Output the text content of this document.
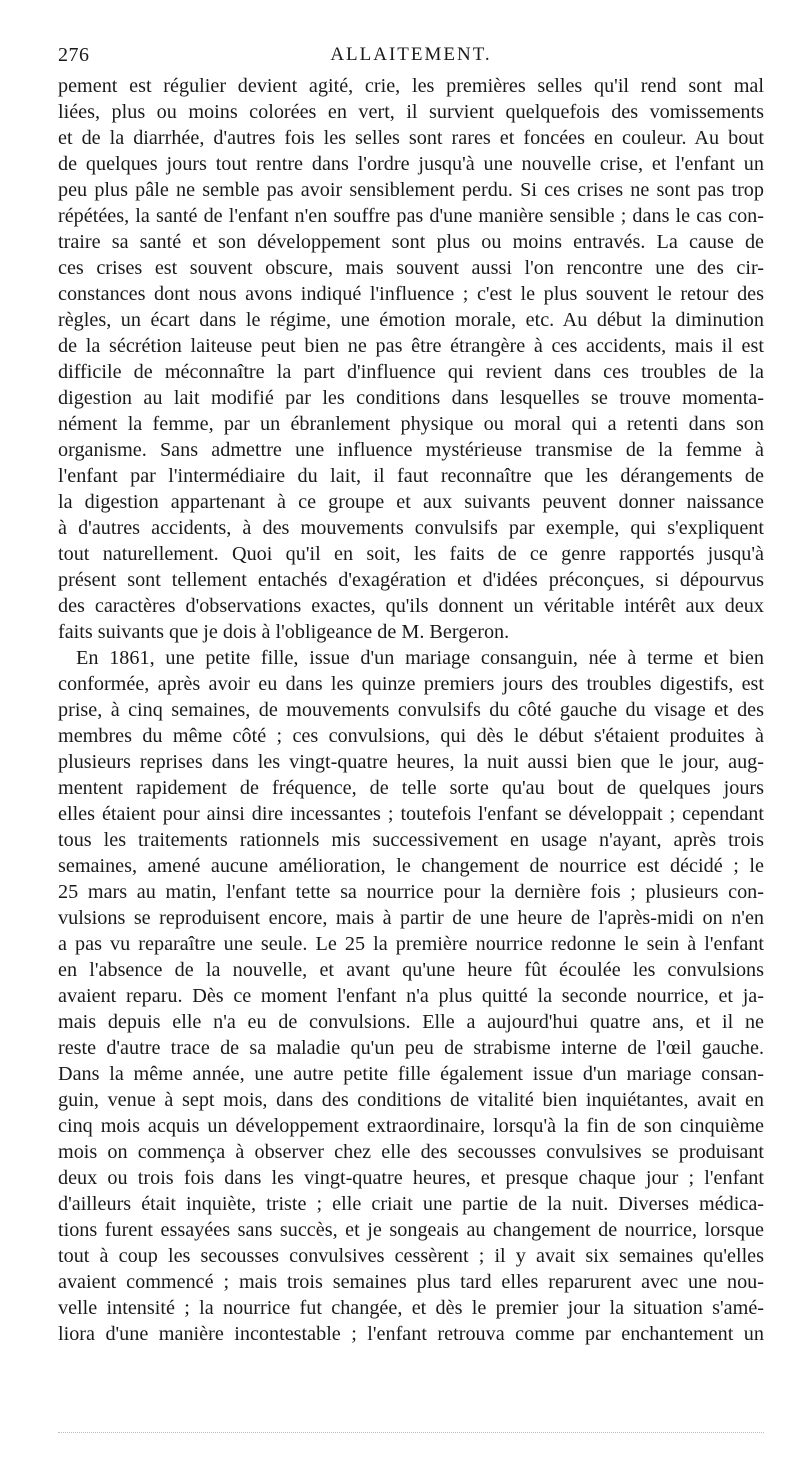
276	ALLAITEMENT.
pement est régulier devient agité, crie, les premières selles qu'il rend sont mal
liées, plus ou moins colorées en vert, il survient quelquefois des vomissements
et de la diarrhée, d'autres fois les selles sont rares et foncées en couleur. Au bout
de quelques jours tout rentre dans l'ordre jusqu'à une nouvelle crise, et l'enfant un
peu plus pâle ne semble pas avoir sensiblement perdu. Si ces crises ne sont pas trop
répétées, la santé de l'enfant n'en souffre pas d'une manière sensible ; dans le cas con-
traire sa santé et son développement sont plus ou moins entravés. La cause de
ces crises est souvent obscure, mais souvent aussi l'on rencontre une des cir-
constances dont nous avons indiqué l'influence ; c'est le plus souvent le retour des
règles, un écart dans le régime, une émotion morale, etc. Au début la diminution
de la sécrétion laiteuse peut bien ne pas être étrangère à ces accidents, mais il est
difficile de méconnaître la part d'influence qui revient dans ces troubles de la
digestion au lait modifié par les conditions dans lesquelles se trouve momenta-
nément la femme, par un ébranlement physique ou moral qui a retenti dans son
organisme. Sans admettre une influence mystérieuse transmise de la femme à
l'enfant par l'intermédiaire du lait, il faut reconnaître que les dérangements de
la digestion appartenant à ce groupe et aux suivants peuvent donner naissance
à d'autres accidents, à des mouvements convulsifs par exemple, qui s'expliquent
tout naturellement. Quoi qu'il en soit, les faits de ce genre rapportés jusqu'à
présent sont tellement entachés d'exagération et d'idées préconçues, si dépourvus
des caractères d'observations exactes, qu'ils donnent un véritable intérêt aux deux
faits suivants que je dois à l'obligeance de M. Bergeron.
En 1861, une petite fille, issue d'un mariage consanguin, née à terme et bien
conformée, après avoir eu dans les quinze premiers jours des troubles digestifs, est
prise, à cinq semaines, de mouvements convulsifs du côté gauche du visage et des
membres du même côté ; ces convulsions, qui dès le début s'étaient produites à
plusieurs reprises dans les vingt-quatre heures, la nuit aussi bien que le jour, aug-
mentent rapidement de fréquence, de telle sorte qu'au bout de quelques jours
elles étaient pour ainsi dire incessantes ; toutefois l'enfant se développait ; cependant
tous les traitements rationnels mis successivement en usage n'ayant, après trois
semaines, amené aucune amélioration, le changement de nourrice est décidé ; le
25 mars au matin, l'enfant tette sa nourrice pour la dernière fois ; plusieurs con-
vulsions se reproduisent encore, mais à partir de une heure de l'après-midi on n'en
a pas vu reparaître une seule. Le 25 la première nourrice redonne le sein à l'enfant
en l'absence de la nouvelle, et avant qu'une heure fût écoulée les convulsions
avaient reparu. Dès ce moment l'enfant n'a plus quitté la seconde nourrice, et ja-
mais depuis elle n'a eu de convulsions. Elle a aujourd'hui quatre ans, et il ne
reste d'autre trace de sa maladie qu'un peu de strabisme interne de l'œil gauche.
Dans la même année, une autre petite fille également issue d'un mariage consan-
guin, venue à sept mois, dans des conditions de vitalité bien inquiétantes, avait en
cinq mois acquis un développement extraordinaire, lorsqu'à la fin de son cinquième
mois on commença à observer chez elle des secousses convulsives se produisant
deux ou trois fois dans les vingt-quatre heures, et presque chaque jour ; l'enfant
d'ailleurs était inquiète, triste ; elle criait une partie de la nuit. Diverses médica-
tions furent essayées sans succès, et je songeais au changement de nourrice, lorsque
tout à coup les secousses convulsives cessèrent ; il y avait six semaines qu'elles
avaient commencé ; mais trois semaines plus tard elles reparurent avec une nou-
velle intensité ; la nourrice fut changée, et dès le premier jour la situation s'amé-
liora d'une manière incontestable ; l'enfant retrouva comme par enchantement un
